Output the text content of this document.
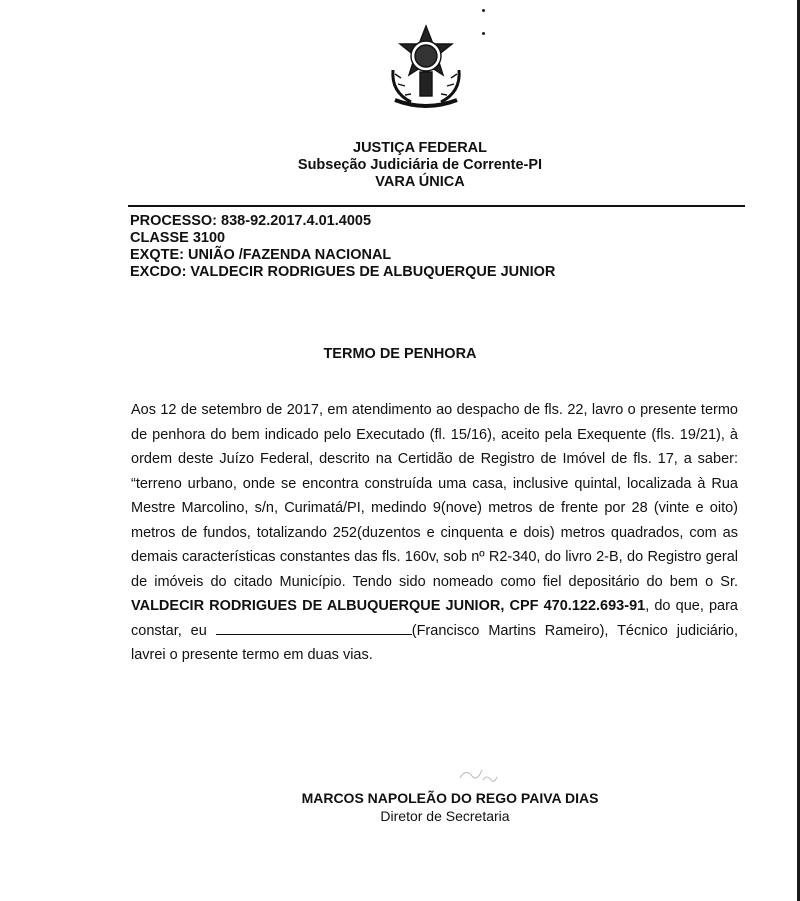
JUSTIÇA FEDERAL
Subseção Judiciária de Corrente-PI
VARA ÚNICA
PROCESSO: 838-92.2017.4.01.4005
CLASSE 3100
EXQTE: UNIÃO /FAZENDA NACIONAL
EXCDO: VALDECIR RODRIGUES DE ALBUQUERQUE JUNIOR
TERMO DE PENHORA
Aos 12 de setembro de 2017, em atendimento ao despacho de fls. 22, lavro o presente termo de penhora do bem indicado pelo Executado (fl. 15/16), aceito pela Exequente (fls. 19/21), à ordem deste Juízo Federal, descrito na Certidão de Registro de Imóvel de fls. 17, a saber: “terreno urbano, onde se encontra construída uma casa, inclusive quintal, localizada à Rua Mestre Marcolino, s/n, Curimatá/PI, medindo 9(nove) metros de frente por 28 (vinte e oito) metros de fundos, totalizando 252(duzentos e cinquenta e dois) metros quadrados, com as demais características constantes das fls. 160v, sob nº R2-340, do livro 2-B, do Registro geral de imóveis do citado Município. Tendo sido nomeado como fiel depositário do bem o Sr. VALDECIR RODRIGUES DE ALBUQUERQUE JUNIOR, CPF 470.122.693-91, do que, para constar, eu	(Francisco Martins Rameiro), Técnico judiciário, lavrei o presente termo em duas vias.
MARCOS NAPOLEÃO DO REGO PAIVA DIAS
Diretor de Secretaria
